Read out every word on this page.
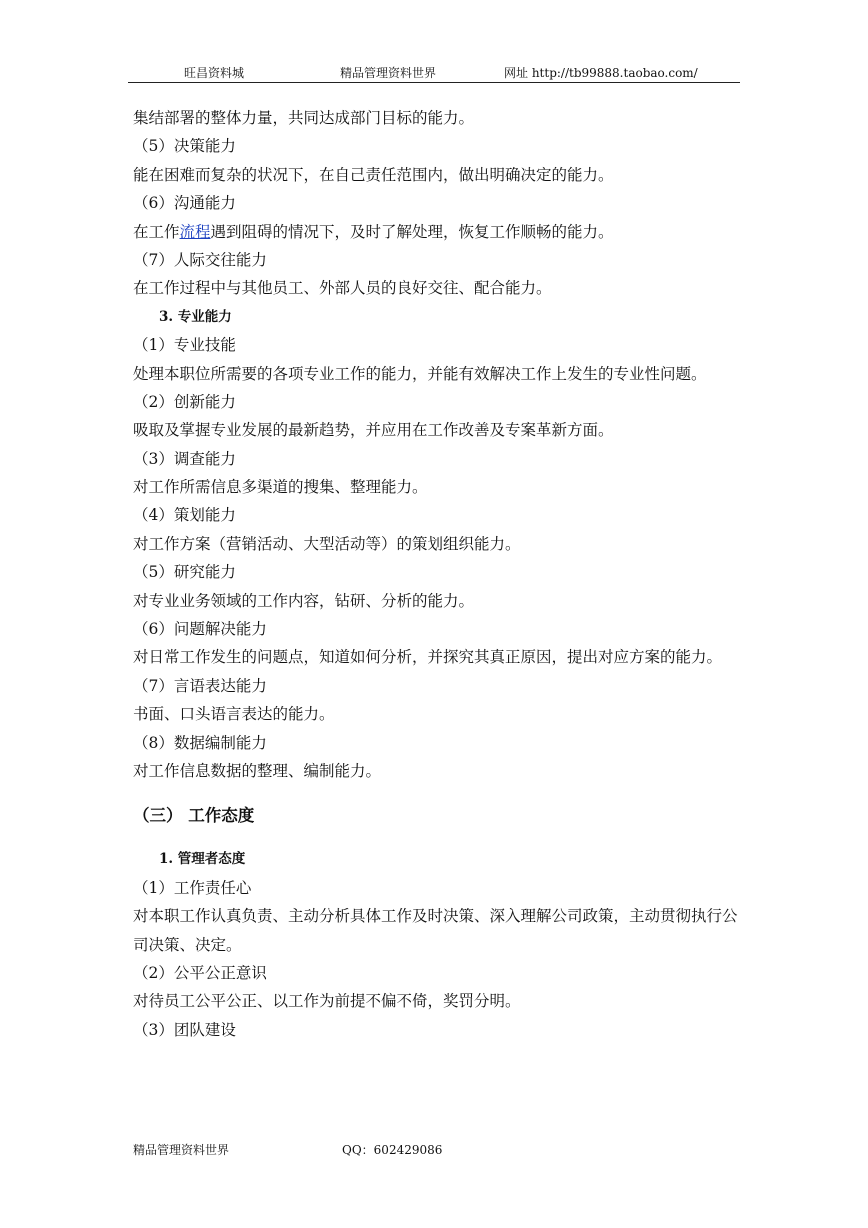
旺昌资料城	精品管理资料世界	网址 http://tb99888.taobao.com/
集结部署的整体力量，共同达成部门目标的能力。
（5）决策能力
能在困难而复杂的状况下，在自己责任范围内，做出明确决定的能力。
（6）沟通能力
在工作流程遇到阻碍的情况下，及时了解处理，恢复工作顺畅的能力。
（7）人际交往能力
在工作过程中与其他员工、外部人员的良好交往、配合能力。
3. 专业能力
（1）专业技能
处理本职位所需要的各项专业工作的能力，并能有效解决工作上发生的专业性问题。
（2）创新能力
吸取及掌握专业发展的最新趋势，并应用在工作改善及专案革新方面。
（3）调查能力
对工作所需信息多渠道的搜集、整理能力。
（4）策划能力
对工作方案（营销活动、大型活动等）的策划组织能力。
（5）研究能力
对专业业务领域的工作内容，钻研、分析的能力。
（6）问题解决能力
对日常工作发生的问题点，知道如何分析，并探究其真正原因，提出对应方案的能力。
（7）言语表达能力
书面、口头语言表达的能力。
（8）数据编制能力
对工作信息数据的整理、编制能力。
（三） 工作态度
1. 管理者态度
（1）工作责任心
对本职工作认真负责、主动分析具体工作及时决策、深入理解公司政策，主动贯彻执行公司决策、决定。
（2）公平公正意识
对待员工公平公正、以工作为前提不偏不倚，奖罚分明。
（3）团队建设
精品管理资料世界	QQ：602429086
